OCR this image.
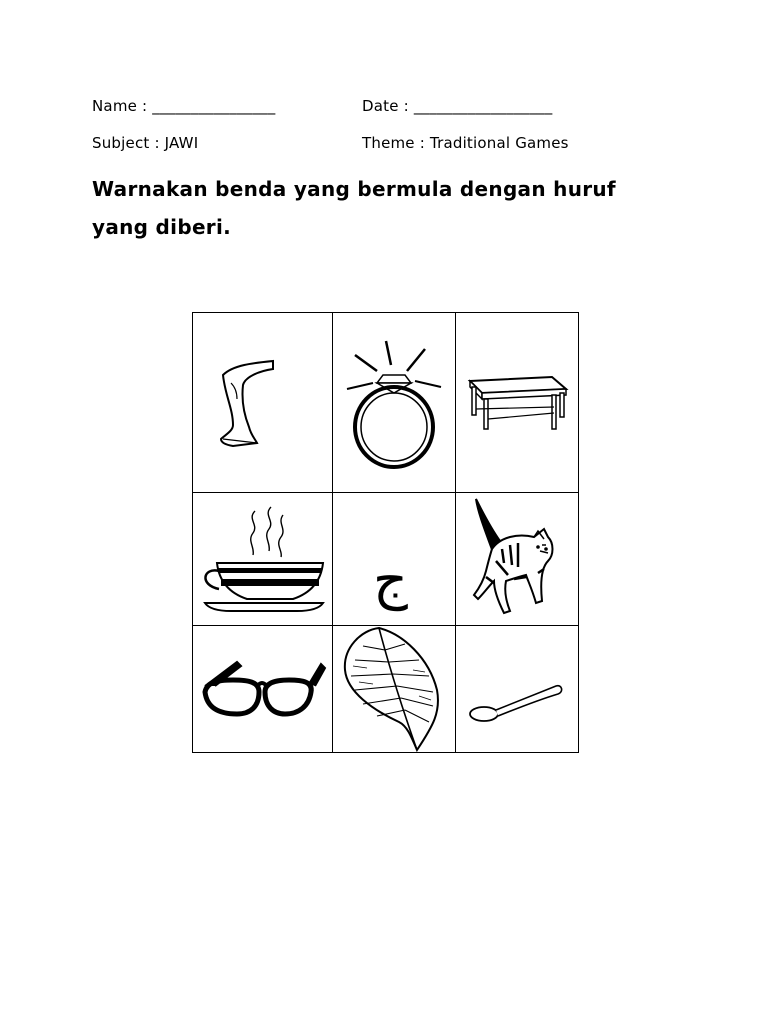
Name : ________________	Date : __________________
Subject : JAWI	Theme : Traditional Games
Warnakan benda yang bermula dengan huruf yang diberi.
ج
